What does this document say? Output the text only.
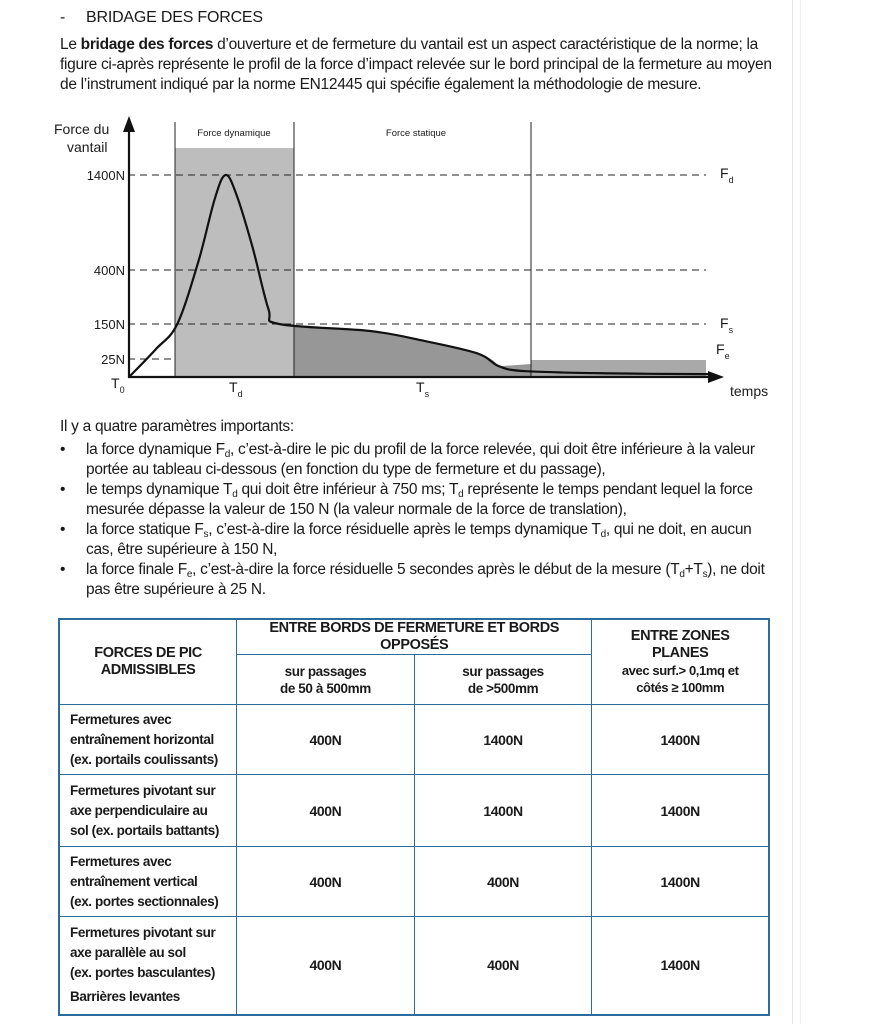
- BRIDAGE DES FORCES
Le bridage des forces d’ouverture et de fermeture du vantail est un aspect caractéristique de la norme; la figure ci-après représente le profil de la force d’impact relevée sur le bord principal de la fermeture au moyen de l’instrument indiqué par la norme EN12445 qui spécifie également la méthodologie de mesure.
Force du
vantail
temps
1400N
400N
150N
25N
Force dynamique	Force statique
$F_d$
$F_s$
$F_e$
$T_0$	$T_d$	$T_s$
Il y a quatre paramètres importants:
• la force dynamique $F_d$, c’est-à-dire le pic du profil de la force relevée, qui doit être inférieure à la valeur portée au tableau ci-dessous (en fonction du type de fermeture et du passage),
• le temps dynamique $T_d$ qui doit être inférieur à 750 ms; $T_d$ représente le temps pendant lequel la force mesurée dépasse la valeur de 150 N (la valeur normale de la force de translation),
• la force statique $F_s$, c’est-à-dire la force résiduelle après le temps dynamique $T_d$, qui ne doit, en aucun cas, être supérieure à 150 N,
• la force finale $F_e$, c’est-à-dire la force résiduelle 5 secondes après le début de la mesure $(T_d+T_s)$, ne doit pas être supérieure à 25 N.
FORCES DE PIC ADMISSIBLES	ENTRE BORDS DE FERMETURE ET BORDS OPPOSÉS		ENTRE ZONES PLANES
avec surf.> 0,1mq et côtés ≥ 100mm

	sur passages de 50 à 500mm	sur passages de >500mm	

Fermetures avec
entraînement horizontal
(ex. portails coulissants)	400N	1400N	1400N

Fermetures pivotant sur
axe perpendiculaire au
sol (ex. portails battants)	400N	1400N	1400N

Fermetures avec
entraînement vertical
(ex. portes sectionnales)	400N	400N	1400N

Fermetures pivotant sur
axe parallèle au sol
(ex. portes basculantes)
Barrières levantes	400N	400N	1400N
